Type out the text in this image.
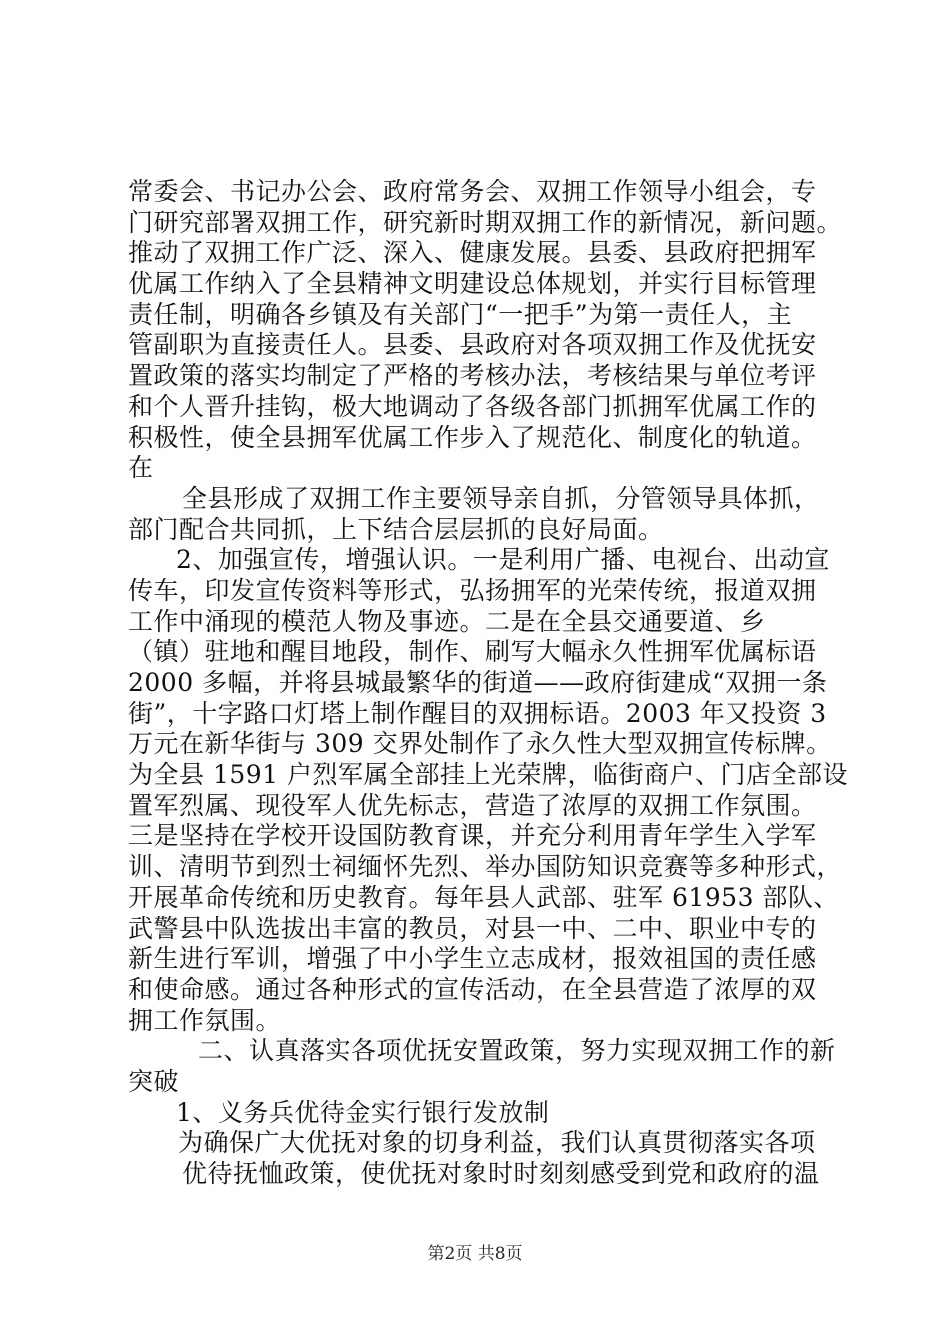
常委会、书记办公会、政府常务会、双拥工作领导小组会，专
门研究部署双拥工作，研究新时期双拥工作的新情况，新问题。
推动了双拥工作广泛、深入、健康发展。县委、县政府把拥军
优属工作纳入了全县精神文明建设总体规划，并实行目标管理
责任制，明确各乡镇及有关部门“一把手”为第一责任人，主
管副职为直接责任人。县委、县政府对各项双拥工作及优抚安
置政策的落实均制定了严格的考核办法，考核结果与单位考评
和个人晋升挂钩，极大地调动了各级各部门抓拥军优属工作的
积极性，使全县拥军优属工作步入了规范化、制度化的轨道。
在
全县形成了双拥工作主要领导亲自抓，分管领导具体抓，
部门配合共同抓，上下结合层层抓的良好局面。
2、加强宣传，增强认识。一是利用广播、电视台、出动宣
传车，印发宣传资料等形式，弘扬拥军的光荣传统，报道双拥
工作中涌现的模范人物及事迹。二是在全县交通要道、乡
（镇）驻地和醒目地段，制作、刷写大幅永久性拥军优属标语
2000 多幅，并将县城最繁华的街道——政府街建成“双拥一条
街”，十字路口灯塔上制作醒目的双拥标语。2003 年又投资 3
万元在新华街与 309 交界处制作了永久性大型双拥宣传标牌。
为全县 1591 户烈军属全部挂上光荣牌，临街商户、门店全部设
置军烈属、现役军人优先标志，营造了浓厚的双拥工作氛围。
三是坚持在学校开设国防教育课，并充分利用青年学生入学军
训、清明节到烈士祠缅怀先烈、举办国防知识竞赛等多种形式，
开展革命传统和历史教育。每年县人武部、驻军 61953 部队、
武警县中队选拔出丰富的教员，对县一中、二中、职业中专的
新生进行军训，增强了中小学生立志成材，报效祖国的责任感
和使命感。通过各种形式的宣传活动，在全县营造了浓厚的双
拥工作氛围。
二、认真落实各项优抚安置政策，努力实现双拥工作的新
突破
1、义务兵优待金实行银行发放制
为确保广大优抚对象的切身利益，我们认真贯彻落实各项
优待抚恤政策，使优抚对象时时刻刻感受到党和政府的温
第2页 共8页
